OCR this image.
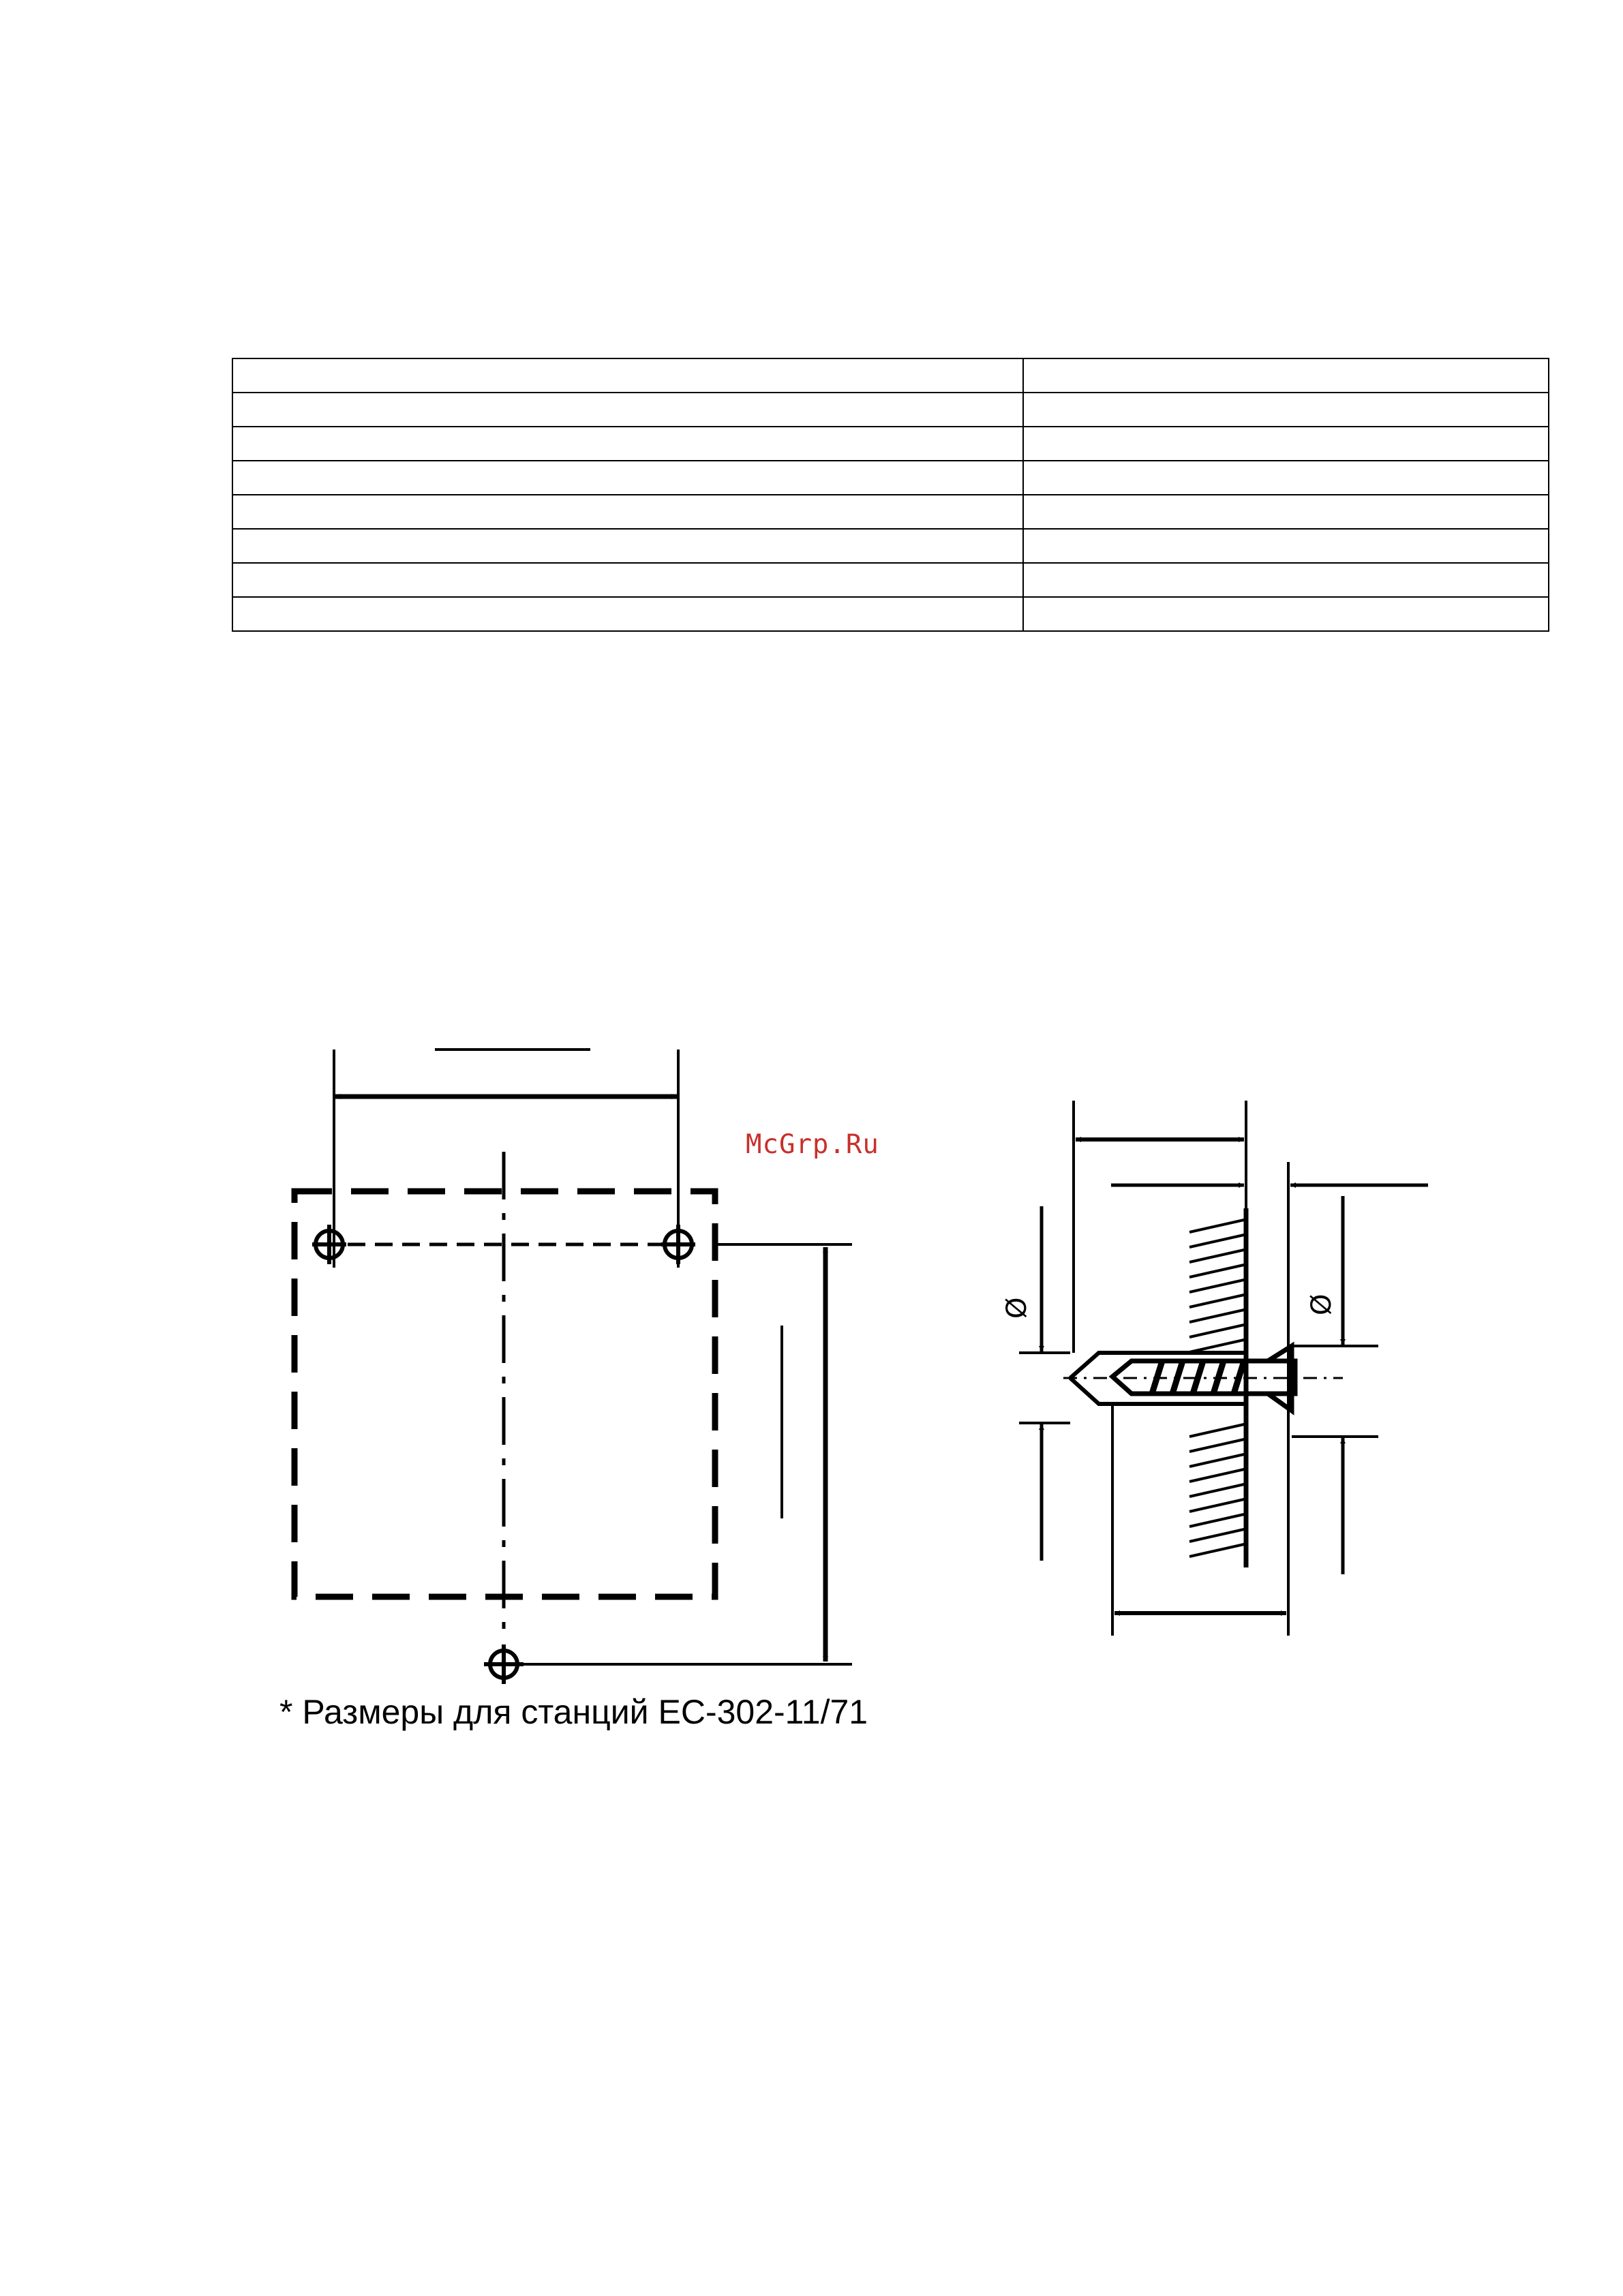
McGrp.Ru
Ø	Ø
* Размеры для станций ЕС-302-11/71
